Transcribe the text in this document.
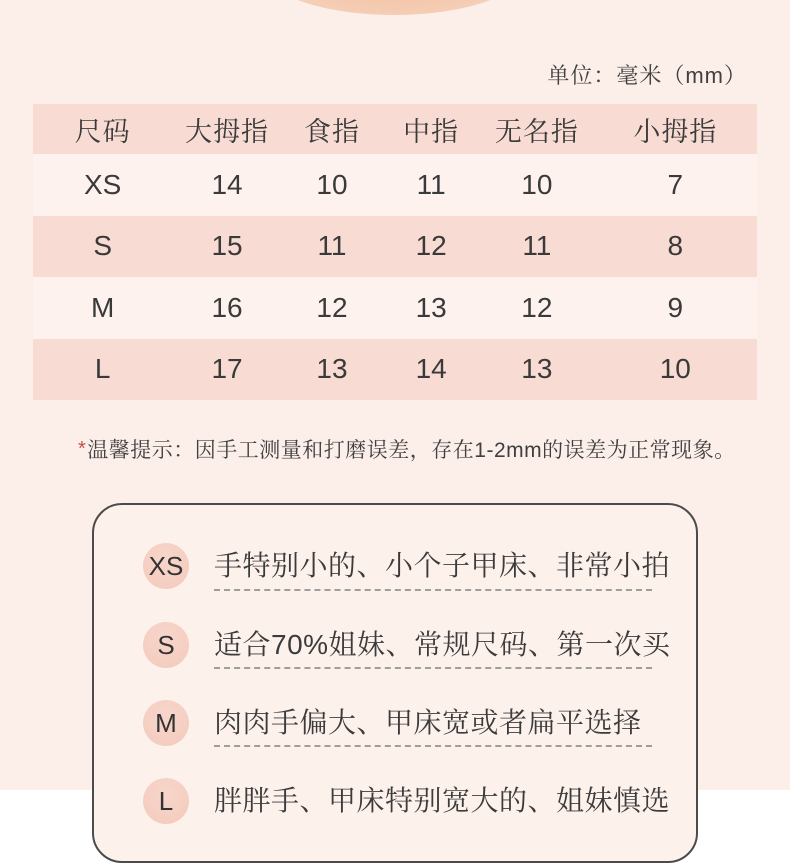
单位：毫米（mm）
尺码	大拇指	食指	中指	无名指	小拇指
XS	14	10	11	10	7
S	15	11	12	11	8
M	16	12	13	12	9
L	17	13	14	13	10
*温馨提示：因手工测量和打磨误差，存在1-2mm的误差为正常现象。
XS 手特别小的、小个子甲床、非常小拍
S	适合70%姐妹、常规尺码、第一次买
M	肉肉手偏大、甲床宽或者扁平选择
L	胖胖手、甲床特别宽大的、姐妹慎选
